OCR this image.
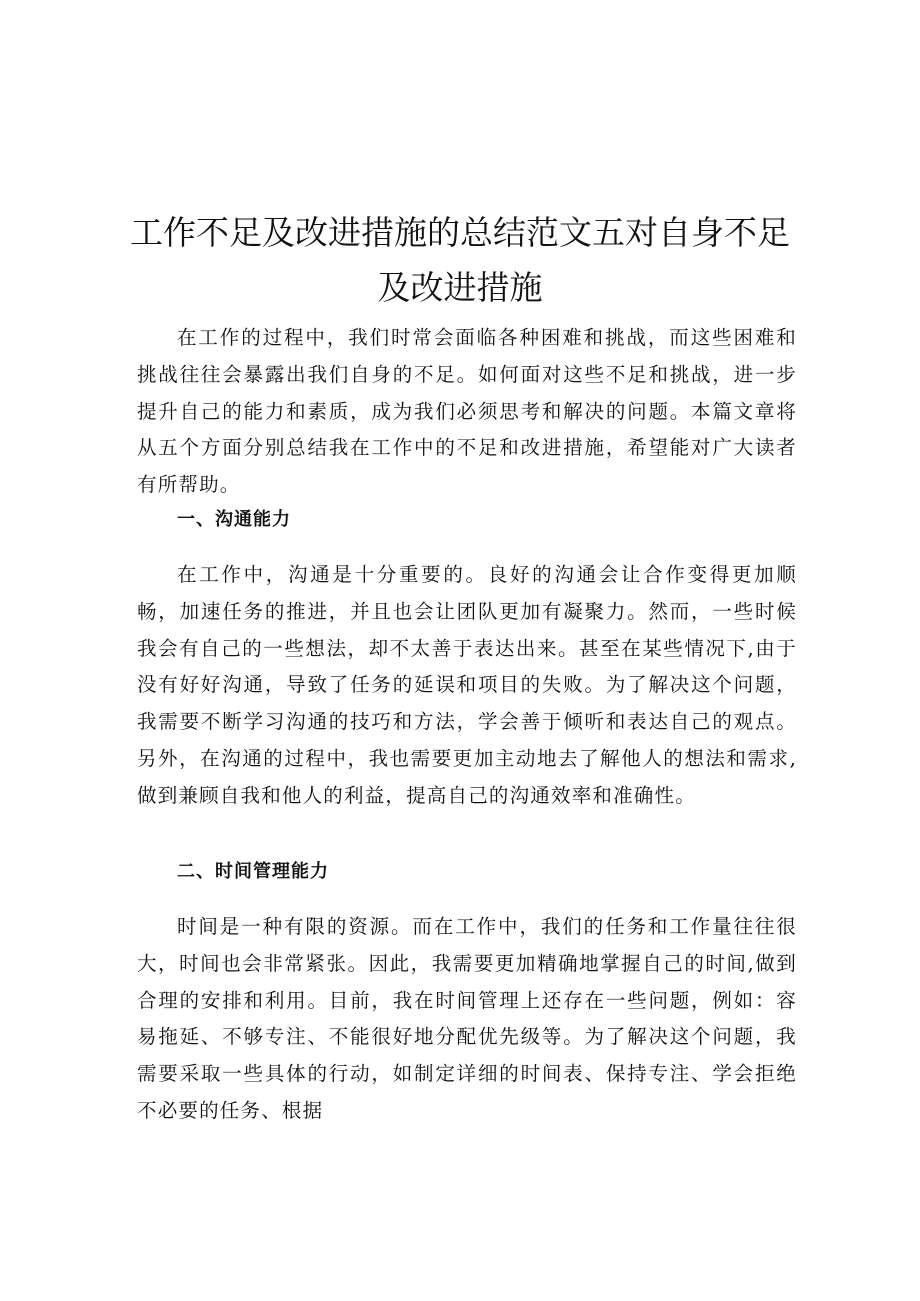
工作不足及改进措施的总结范文五对自身不足
及改进措施

在工作的过程中，我们时常会面临各种困难和挑战，而这些困难和挑战往往会暴露出我们自身的不足。如何面对这些不足和挑战，进一步提升自己的能力和素质，成为我们必须思考和解决的问题。本篇文章将从五个方面分别总结我在工作中的不足和改进措施，希望能对广大读者有所帮助。

一、沟通能力

在工作中，沟通是十分重要的。良好的沟通会让合作变得更加顺畅，加速任务的推进，并且也会让团队更加有凝聚力。然而，一些时候我会有自己的一些想法，却不太善于表达出来。甚至在某些情况下,由于没有好好沟通，导致了任务的延误和项目的失败。为了解决这个问题，我需要不断学习沟通的技巧和方法，学会善于倾听和表达自己的观点。另外，在沟通的过程中，我也需要更加主动地去了解他人的想法和需求,做到兼顾自我和他人的利益，提高自己的沟通效率和准确性。

二、时间管理能力

时间是一种有限的资源。而在工作中，我们的任务和工作量往往很大，时间也会非常紧张。因此，我需要更加精确地掌握自己的时间,做到合理的安排和利用。目前，我在时间管理上还存在一些问题，例如：容易拖延、不够专注、不能很好地分配优先级等。为了解决这个问题，我需要采取一些具体的行动，如制定详细的时间表、保持专注、学会拒绝不必要的任务、根据
